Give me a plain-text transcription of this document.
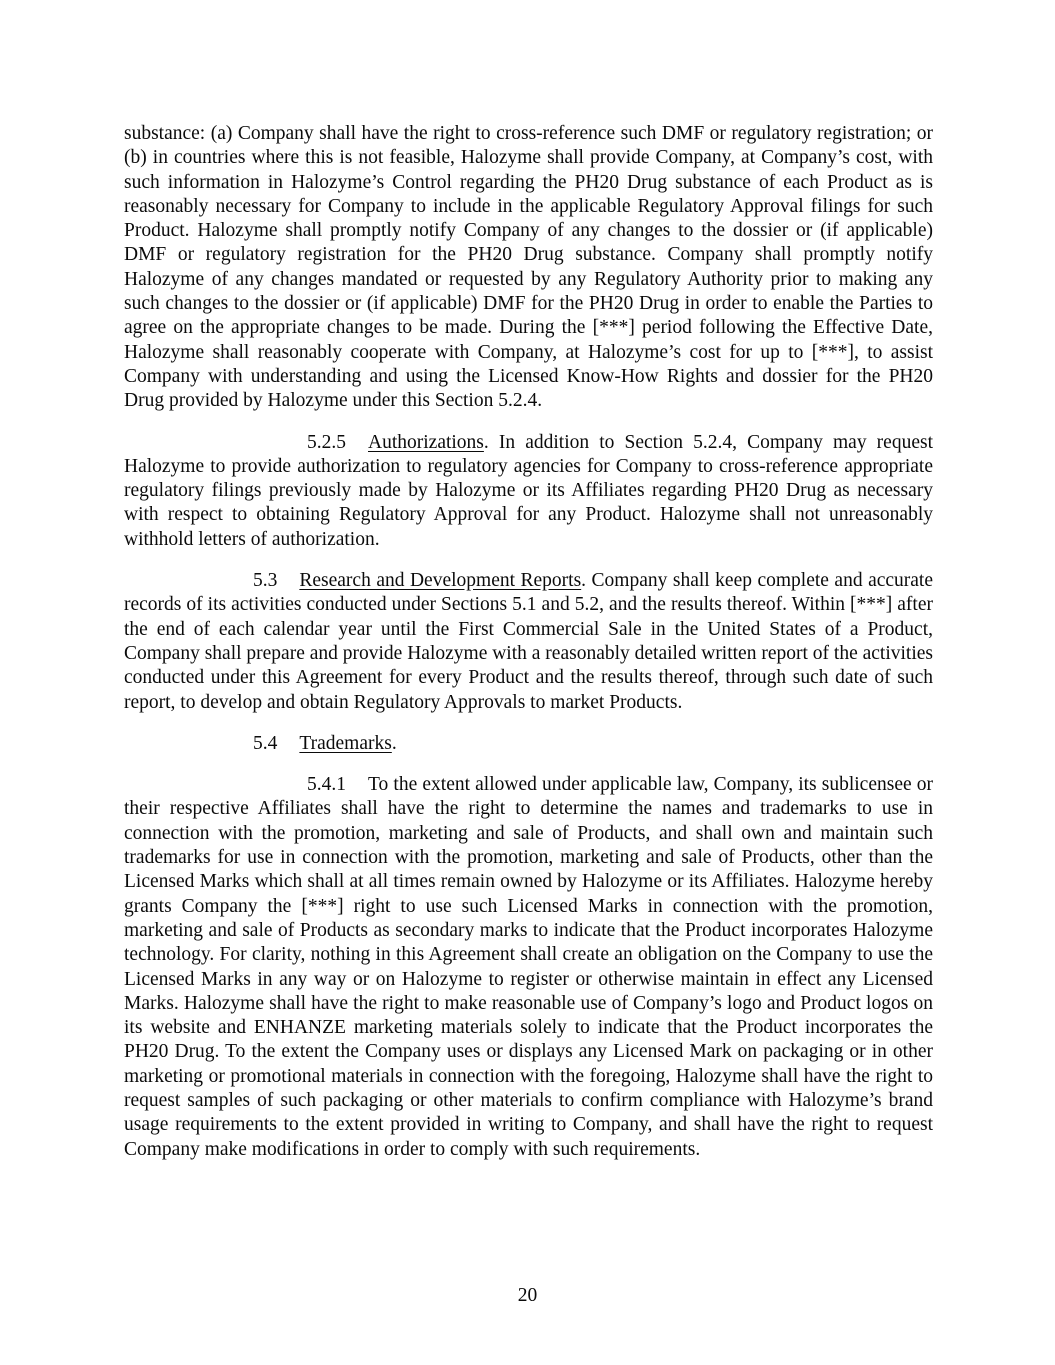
substance: (a) Company shall have the right to cross-reference such DMF or regulatory registration; or (b) in countries where this is not feasible, Halozyme shall provide Company, at Company’s cost, with such information in Halozyme’s Control regarding the PH20 Drug substance of each Product as is reasonably necessary for Company to include in the applicable Regulatory Approval filings for such Product. Halozyme shall promptly notify Company of any changes to the dossier or (if applicable) DMF or regulatory registration for the PH20 Drug substance. Company shall promptly notify Halozyme of any changes mandated or requested by any Regulatory Authority prior to making any such changes to the dossier or (if applicable) DMF for the PH20 Drug in order to enable the Parties to agree on the appropriate changes to be made. During the [***] period following the Effective Date, Halozyme shall reasonably cooperate with Company, at Halozyme’s cost for up to [***], to assist Company with understanding and using the Licensed Know-How Rights and dossier for the PH20 Drug provided by Halozyme under this Section 5.2.4.

5.2.5 Authorizations. In addition to Section 5.2.4, Company may request Halozyme to provide authorization to regulatory agencies for Company to cross-reference appropriate regulatory filings previously made by Halozyme or its Affiliates regarding PH20 Drug as necessary with respect to obtaining Regulatory Approval for any Product. Halozyme shall not unreasonably withhold letters of authorization.

5.3 Research and Development Reports. Company shall keep complete and accurate records of its activities conducted under Sections 5.1 and 5.2, and the results thereof. Within [***] after the end of each calendar year until the First Commercial Sale in the United States of a Product, Company shall prepare and provide Halozyme with a reasonably detailed written report of the activities conducted under this Agreement for every Product and the results thereof, through such date of such report, to develop and obtain Regulatory Approvals to market Products.

5.4 Trademarks.

5.4.1 To the extent allowed under applicable law, Company, its sublicensee or their respective Affiliates shall have the right to determine the names and trademarks to use in connection with the promotion, marketing and sale of Products, and shall own and maintain such trademarks for use in connection with the promotion, marketing and sale of Products, other than the Licensed Marks which shall at all times remain owned by Halozyme or its Affiliates. Halozyme hereby grants Company the [***] right to use such Licensed Marks in connection with the promotion, marketing and sale of Products as secondary marks to indicate that the Product incorporates Halozyme technology. For clarity, nothing in this Agreement shall create an obligation on the Company to use the Licensed Marks in any way or on Halozyme to register or otherwise maintain in effect any Licensed Marks. Halozyme shall have the right to make reasonable use of Company’s logo and Product logos on its website and ENHANZE marketing materials solely to indicate that the Product incorporates the PH20 Drug. To the extent the Company uses or displays any Licensed Mark on packaging or in other marketing or promotional materials in connection with the foregoing, Halozyme shall have the right to request samples of such packaging or other materials to confirm compliance with Halozyme’s brand usage requirements to the extent provided in writing to Company, and shall have the right to request Company make modifications in order to comply with such requirements.

20
